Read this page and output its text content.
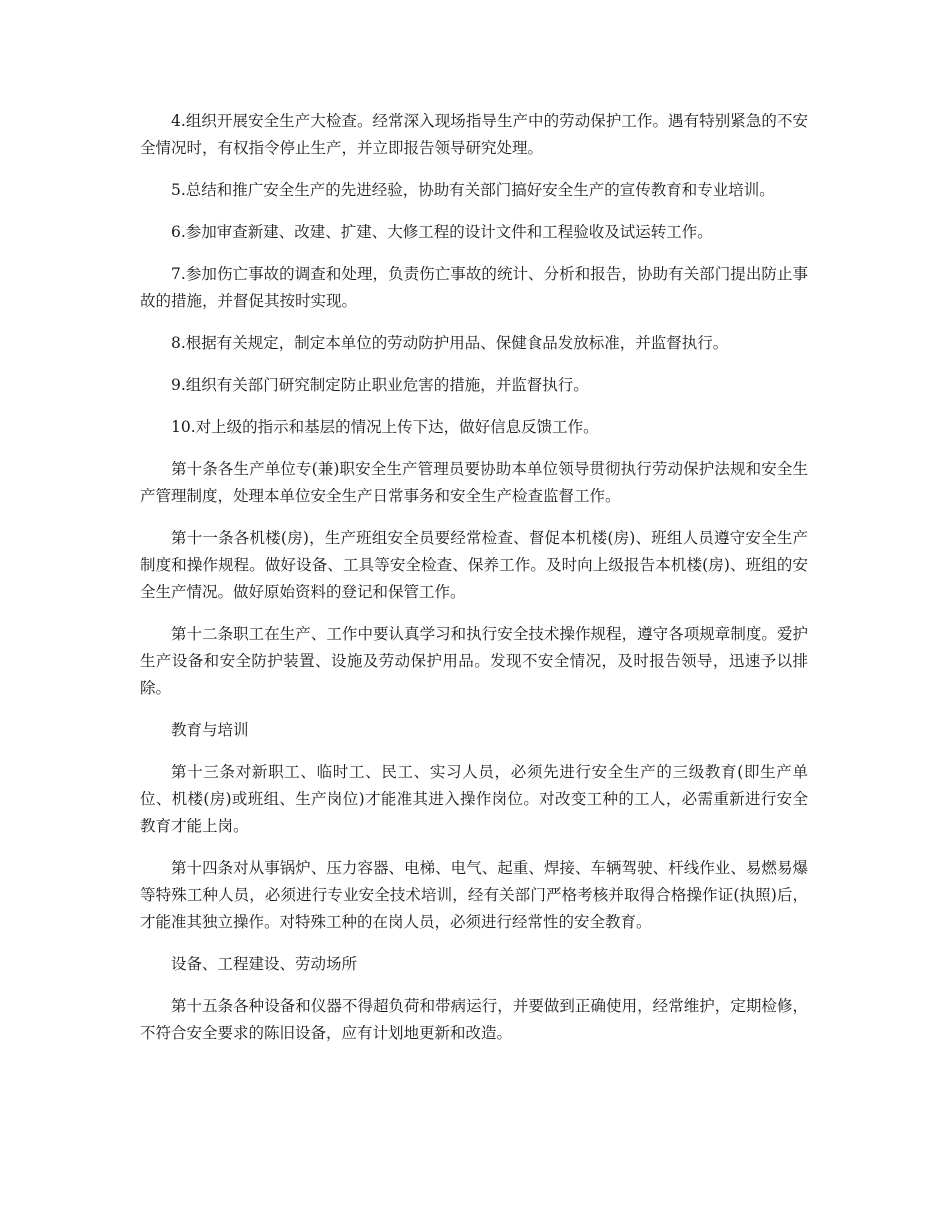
4.组织开展安全生产大检查。经常深入现场指导生产中的劳动保护工作。遇有特别紧急的不安全情况时，有权指令停止生产，并立即报告领导研究处理。

5.总结和推广安全生产的先进经验，协助有关部门搞好安全生产的宣传教育和专业培训。

6.参加审查新建、改建、扩建、大修工程的设计文件和工程验收及试运转工作。

7.参加伤亡事故的调查和处理，负责伤亡事故的统计、分析和报告，协助有关部门提出防止事故的措施，并督促其按时实现。

8.根据有关规定，制定本单位的劳动防护用品、保健食品发放标准，并监督执行。

9.组织有关部门研究制定防止职业危害的措施，并监督执行。

10.对上级的指示和基层的情况上传下达，做好信息反馈工作。

第十条各生产单位专(兼)职安全生产管理员要协助本单位领导贯彻执行劳动保护法规和安全生产管理制度，处理本单位安全生产日常事务和安全生产检查监督工作。

第十一条各机楼(房)，生产班组安全员要经常检查、督促本机楼(房)、班组人员遵守安全生产制度和操作规程。做好设备、工具等安全检查、保养工作。及时向上级报告本机楼(房)、班组的安全生产情况。做好原始资料的登记和保管工作。

第十二条职工在生产、工作中要认真学习和执行安全技术操作规程，遵守各项规章制度。爱护生产设备和安全防护装置、设施及劳动保护用品。发现不安全情况，及时报告领导，迅速予以排除。

教育与培训

第十三条对新职工、临时工、民工、实习人员，必须先进行安全生产的三级教育(即生产单位、机楼(房)或班组、生产岗位)才能准其进入操作岗位。对改变工种的工人，必需重新进行安全教育才能上岗。

第十四条对从事锅炉、压力容器、电梯、电气、起重、焊接、车辆驾驶、杆线作业、易燃易爆等特殊工种人员，必须进行专业安全技术培训，经有关部门严格考核并取得合格操作证(执照)后，才能准其独立操作。对特殊工种的在岗人员，必须进行经常性的安全教育。

设备、工程建设、劳动场所

第十五条各种设备和仪器不得超负荷和带病运行，并要做到正确使用，经常维护，定期检修，不符合安全要求的陈旧设备，应有计划地更新和改造。
